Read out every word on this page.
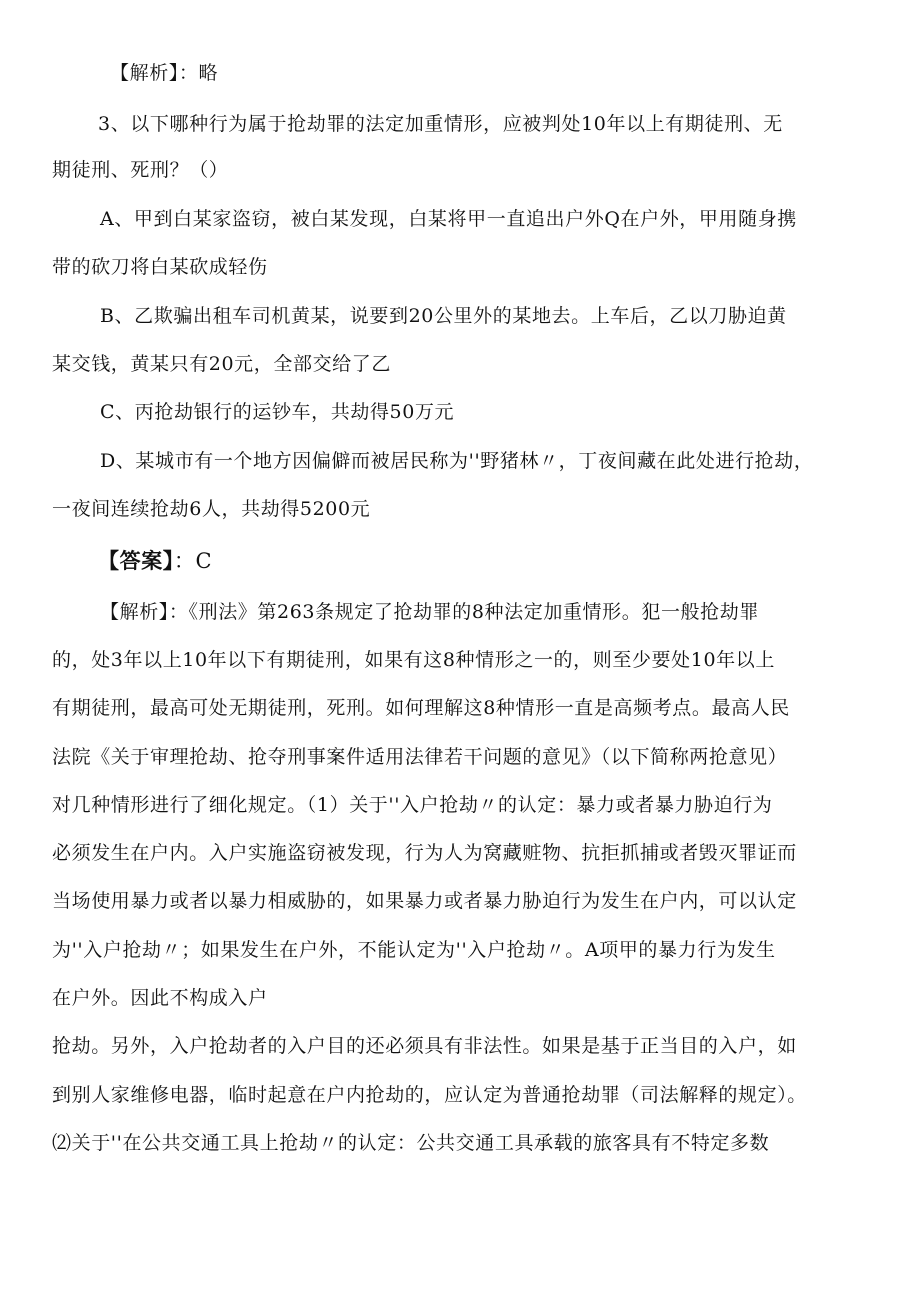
【解析】：略
3、以下哪种行为属于抢劫罪的法定加重情形，应被判处10年以上有期徒刑、无
期徒刑、死刑？（）
A、甲到白某家盗窃，被白某发现，白某将甲一直追出户外Q在户外，甲用随身携
带的砍刀将白某砍成轻伤
B、乙欺骗出租车司机黄某，说要到20公里外的某地去。上车后，乙以刀胁迫黄
某交钱，黄某只有20元，全部交给了乙
C、丙抢劫银行的运钞车，共劫得50万元
D、某城市有一个地方因偏僻而被居民称为''野猪林〃，丁夜间藏在此处进行抢劫，
一夜间连续抢劫6人，共劫得5200元
【答案】：C
【解析】：《刑法》第263条规定了抢劫罪的8种法定加重情形。犯一般抢劫罪
的，处3年以上10年以下有期徒刑，如果有这8种情形之一的，则至少要处10年以上
有期徒刑，最高可处无期徒刑，死刑。如何理解这8种情形一直是高频考点。最高人民
法院《关于审理抢劫、抢夺刑事案件适用法律若干问题的意见》（以下简称两抢意见）
对几种情形进行了细化规定。（1）关于''入户抢劫〃的认定：暴力或者暴力胁迫行为
必须发生在户内。入户实施盗窃被发现，行为人为窝藏赃物、抗拒抓捕或者毁灭罪证而
当场使用暴力或者以暴力相威胁的，如果暴力或者暴力胁迫行为发生在户内，可以认定
为''入户抢劫〃；如果发生在户外，不能认定为''入户抢劫〃。A项甲的暴力行为发生
在户外。因此不构成入户
抢劫。另外，入户抢劫者的入户目的还必须具有非法性。如果是基于正当目的入户，如
到别人家维修电器，临时起意在户内抢劫的，应认定为普通抢劫罪（司法解释的规定）。
⑵关于''在公共交通工具上抢劫〃的认定：公共交通工具承载的旅客具有不特定多数
